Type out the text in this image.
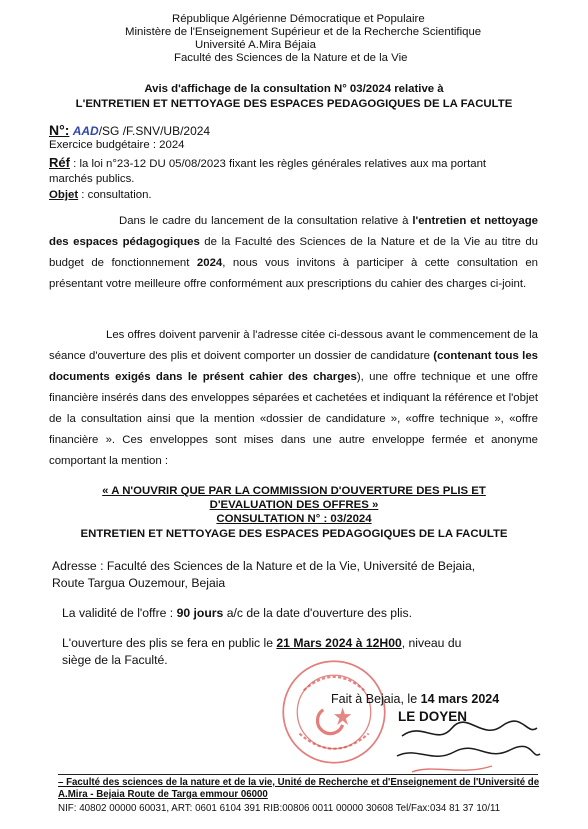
République Algérienne Démocratique et Populaire
Ministère de l'Enseignement Supérieur et de la Recherche Scientifique
Université A.Mira Béjaia
Faculté des Sciences de la Nature et de la Vie
Avis d'affichage de la consultation N° 03/2024 relative à
L'ENTRETIEN ET NETTOYAGE DES ESPACES PEDAGOGIQUES DE LA FACULTE
N°: AAD/SG /F.SNV/UB/2024
Exercice budgétaire : 2024
Réf : la loi n°23-12 DU 05/08/2023 fixant les règles générales relatives aux ma portant
marchés publics.
Objet : consultation.
Dans le cadre du lancement de la consultation relative à l'entretien et nettoyage des espaces pédagogiques de la Faculté des Sciences de la Nature et de la Vie au titre du budget de fonctionnement 2024, nous vous invitons à participer à cette consultation en présentant votre meilleure offre conformément aux prescriptions du cahier des charges ci-joint.
Les offres doivent parvenir à l'adresse citée ci-dessous avant le commencement de la séance d'ouverture des plis et doivent comporter un dossier de candidature (contenant tous les documents exigés dans le présent cahier des charges), une offre technique et une offre financière insérés dans des enveloppes séparées et cachetées et indiquant la référence et l'objet de la consultation ainsi que la mention «dossier de candidature », «offre technique », «offre financière ». Ces enveloppes sont mises dans une autre enveloppe fermée et anonyme comportant la mention :
« A N'OUVRIR QUE PAR LA COMMISSION D'OUVERTURE DES PLIS ET
D'EVALUATION DES OFFRES »
CONSULTATION N° : 03/2024
ENTRETIEN ET NETTOYAGE DES ESPACES PEDAGOGIQUES DE LA FACULTE
Adresse : Faculté des Sciences de la Nature et de la Vie, Université de Bejaia,
Route Targua Ouzemour, Bejaia
La validité de l'offre : 90 jours a/c de la date d'ouverture des plis.
L'ouverture des plis se fera en public le 21 Mars 2024 à 12H00, niveau du
siège de la Faculté.
Fait à Bejaia, le 14 mars 2024
LE DOYEN
– Faculté des sciences de la nature et de la vie, Unité de Recherche et d'Enseignement de l'Université de
A.Mira - Bejaia Route de Targa emmour 06000
NIF: 40802 00000 60031, ART: 0601 6104 391 RIB:00806 0011 00000 30608 Tel/Fax:034 81 37 10/11
